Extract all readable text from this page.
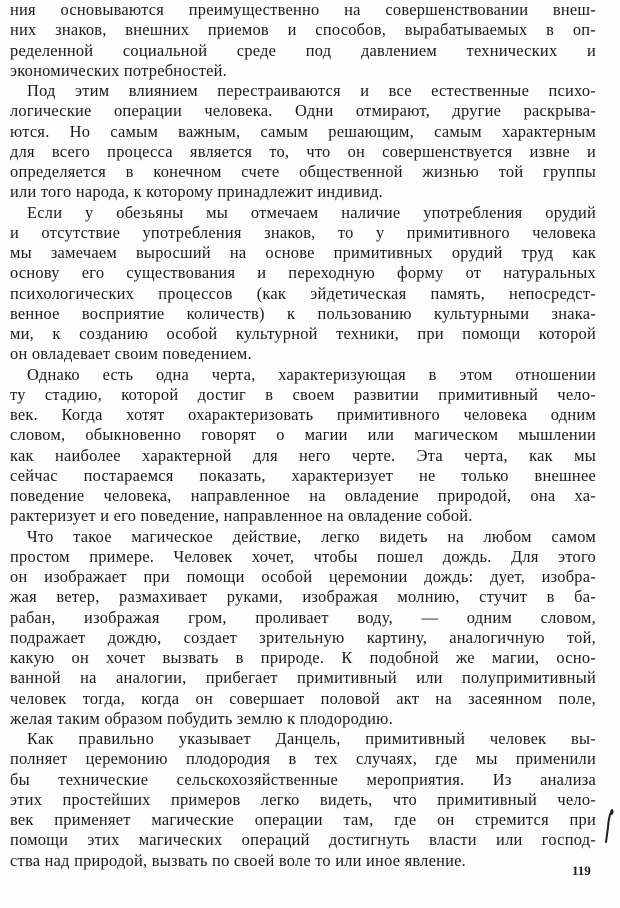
ния основываются преимущественно на совершенствовании внеш-
них знаков, внешних приемов и способов, вырабатываемых в оп-
ределенной социальной среде под давлением технических и
экономических потребностей.
Под этим влиянием перестраиваются и все естественные психо-
логические операции человека. Одни отмирают, другие раскрыва-
ются. Но самым важным, самым решающим, самым характерным
для всего процесса является то, что он совершенствуется извне и
определяется в конечном счете общественной жизнью той группы
или того народа, к которому принадлежит индивид.
Если у обезьяны мы отмечаем наличие употребления орудий
и отсутствие употребления знаков, то у примитивного человека
мы замечаем выросший на основе примитивных орудий труд как
основу его существования и переходную форму от натуральных
психологических процессов (как эйдетическая память, непосредст-
венное восприятие количеств) к пользованию культурными знака-
ми, к созданию особой культурной техники, при помощи которой
он овладевает своим поведением.
Однако есть одна черта, характеризующая в этом отношении
ту стадию, которой достиг в своем развитии примитивный чело-
век. Когда хотят охарактеризовать примитивного человека одним
словом, обыкновенно говорят о магии или магическом мышлении
как наиболее характерной для него черте. Эта черта, как мы
сейчас постараемся показать, характеризует не только внешнее
поведение человека, направленное на овладение природой, она ха-
рактеризует и его поведение, направленное на овладение собой.
Что такое магическое действие, легко видеть на любом самом
простом примере. Человек хочет, чтобы пошел дождь. Для этого
он изображает при помощи особой церемонии дождь: дует, изобра-
жая ветер, размахивает руками, изображая молнию, стучит в ба-
рабан, изображая гром, проливает воду, — одним словом,
подражает дождю, создает зрительную картину, аналогичную той,
какую он хочет вызвать в природе. К подобной же магии, осно-
ванной на аналогии, прибегает примитивный или полупримитивный
человек тогда, когда он совершает половой акт на засеянном поле,
желая таким образом побудить землю к плодородию.
Как правильно указывает Данцель, примитивный человек вы-
полняет церемонию плодородия в тех случаях, где мы применили
бы технические сельскохозяйственные мероприятия. Из анализа
этих простейших примеров легко видеть, что примитивный чело-
век применяет магические операции там, где он стремится при
помощи этих магических операций достигнуть власти или господ-
ства над природой, вызвать по своей воле то или иное явление.
119
